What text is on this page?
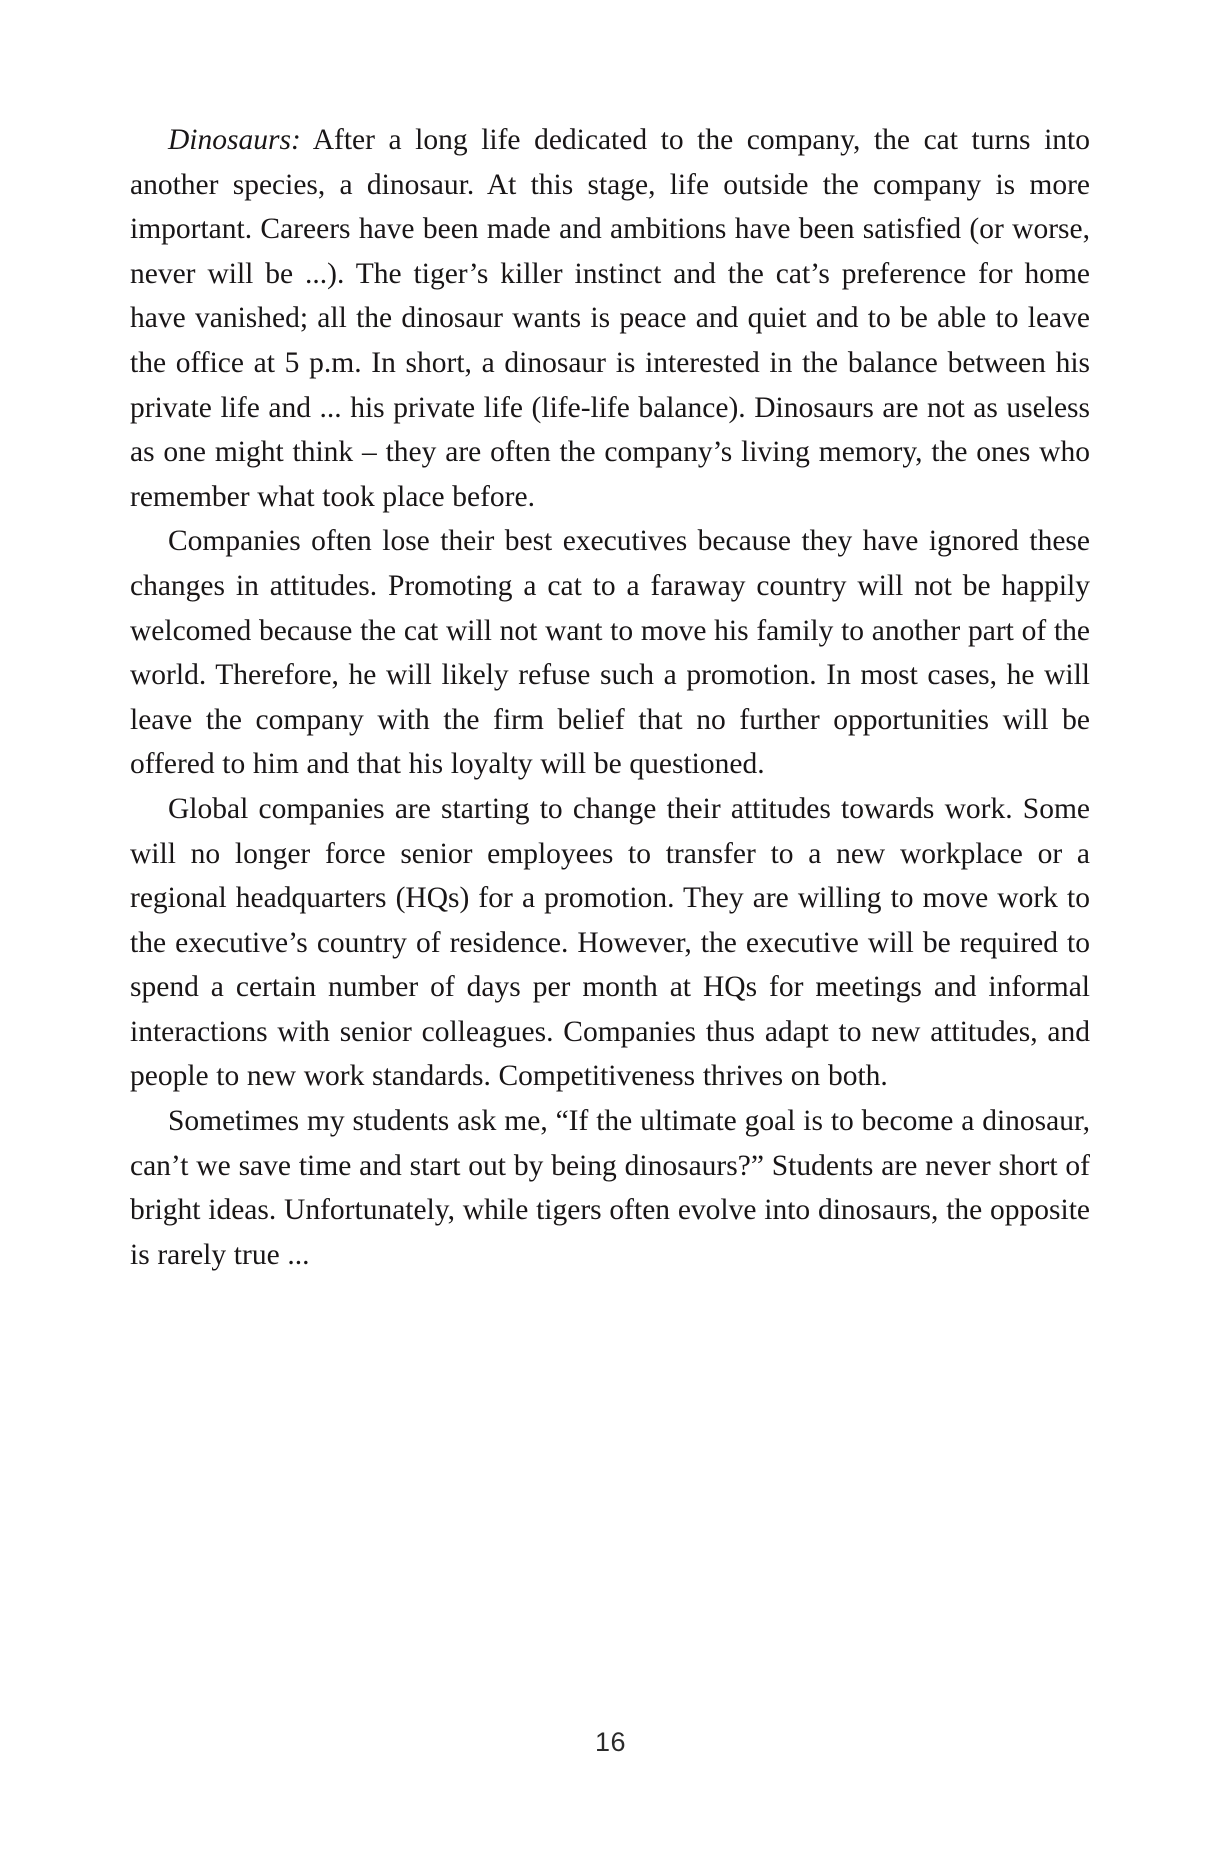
Dinosaurs: After a long life dedicated to the company, the cat turns into another species, a dinosaur. At this stage, life outside the company is more important. Careers have been made and ambitions have been satisfied (or worse, never will be ...). The tiger’s killer instinct and the cat’s preference for home have vanished; all the dinosaur wants is peace and quiet and to be able to leave the office at 5 p.m. In short, a dinosaur is interested in the balance between his private life and ... his private life (life-life balance). Dinosaurs are not as useless as one might think – they are often the company’s living memory, the ones who remember what took place before.

Companies often lose their best executives because they have ignored these changes in attitudes. Promoting a cat to a faraway country will not be happily welcomed because the cat will not want to move his family to another part of the world. Therefore, he will likely refuse such a promotion. In most cases, he will leave the company with the firm belief that no further opportunities will be offered to him and that his loyalty will be questioned.

Global companies are starting to change their attitudes towards work. Some will no longer force senior employees to transfer to a new workplace or a regional headquarters (HQs) for a promotion. They are willing to move work to the executive’s country of residence. However, the executive will be required to spend a certain number of days per month at HQs for meetings and informal interactions with senior colleagues. Companies thus adapt to new attitudes, and people to new work standards. Competitiveness thrives on both.

Sometimes my students ask me, “If the ultimate goal is to become a dinosaur, can’t we save time and start out by being dinosaurs?” Students are never short of bright ideas. Unfortunately, while tigers often evolve into dinosaurs, the opposite is rarely true ...

16
